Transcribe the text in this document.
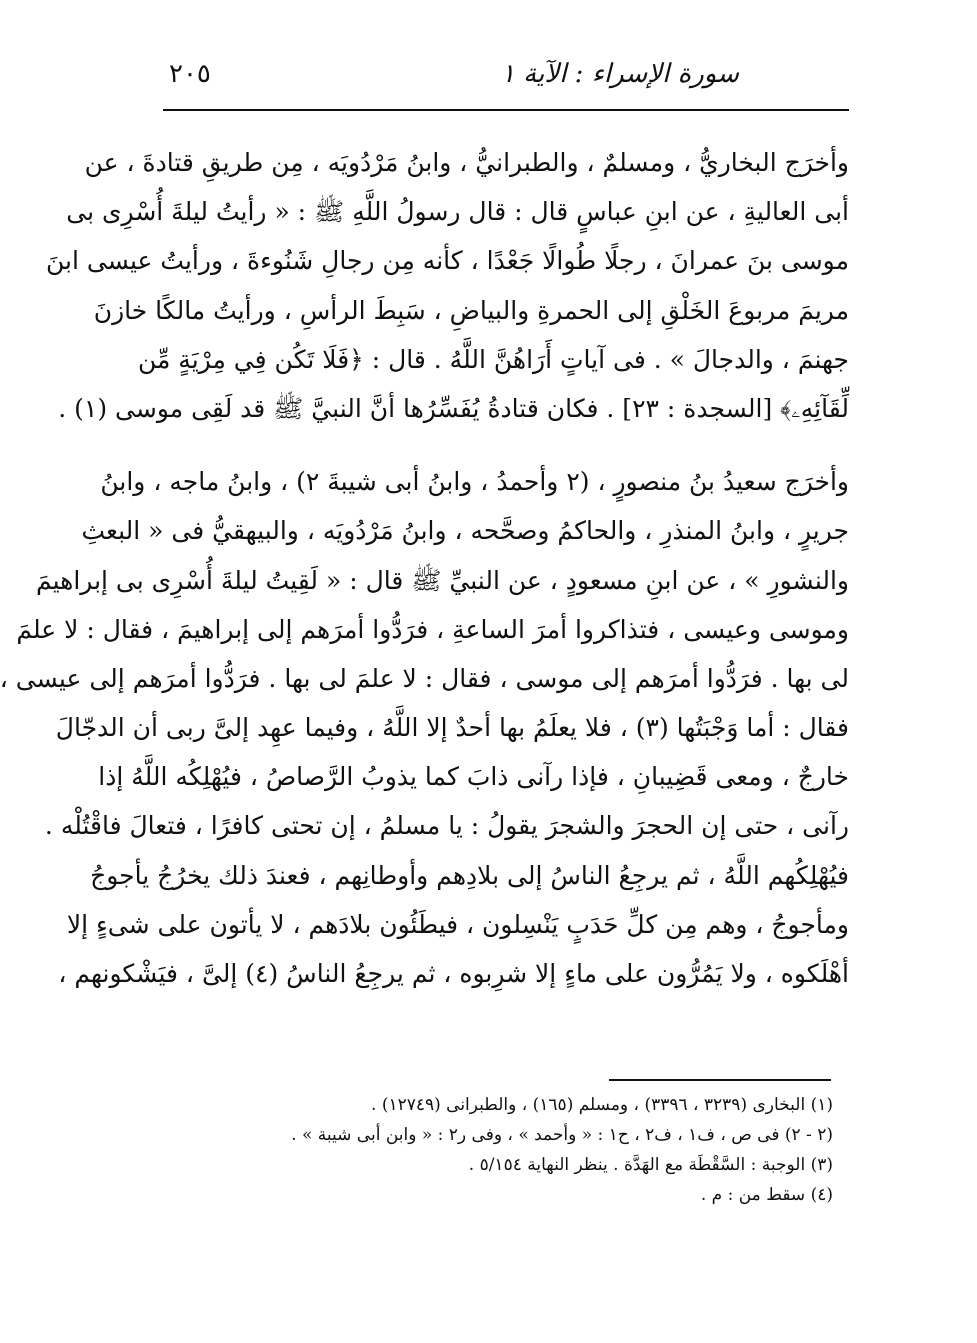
سورة الإسراء : الآية ١
٢٠٥
وأخرَج البخاريُّ ، ومسلمٌ ، والطبرانيُّ ، وابنُ مَرْدُويَه ، مِن طريقِ قتادةَ ، عن
أبى العاليةِ ، عن ابنِ عباسٍ قال : قال رسولُ اللَّهِ ﷺ : « رأيتُ ليلةَ أُسْرِى بى
موسى بنَ عمرانَ ، رجلًا طُوالًا جَعْدًا ، كأنه مِن رجالِ شَنُوءةَ ، ورأيتُ عيسى ابنَ
مريمَ مربوعَ الخَلْقِ إلى الحمرةِ والبياضِ ، سَبِطَ الرأسِ ، ورأيتُ مالكًا خازنَ
جهنمَ ، والدجالَ » . فى آياتٍ أَرَاهُنَّ اللَّهُ . قال : ﴿فَلَا تَكُن فِي مِرْيَةٍ مِّن
لِّقَآئِهِۦ﴾ [السجدة : ٢٣] . فكان قتادةُ يُفَسِّرُها أنَّ النبيَّ ﷺ قد لَقِى موسى (١) .
وأخرَج سعيدُ بنُ منصورٍ ، (٢ وأحمدُ ، وابنُ أبى شيبةَ ٢) ، وابنُ ماجه ، وابنُ
جريرٍ ، وابنُ المنذرِ ، والحاكمُ وصحَّحه ، وابنُ مَرْدُويَه ، والبيهقيُّ فى « البعثِ
والنشورِ » ، عن ابنِ مسعودٍ ، عن النبيِّ ﷺ قال : « لَقِيتُ ليلةَ أُسْرِى بى إبراهيمَ
وموسى وعيسى ، فتذاكروا أمرَ الساعةِ ، فرَدُّوا أمرَهم إلى إبراهيمَ ، فقال : لا علمَ
لى بها . فرَدُّوا أمرَهم إلى موسى ، فقال : لا علمَ لى بها . فرَدُّوا أمرَهم إلى عيسى ،
فقال : أما وَجْبَتُها (٣) ، فلا يعلَمُ بها أحدٌ إلا اللَّهُ ، وفيما عهِد إلىَّ ربى أن الدجّالَ
خارجٌ ، ومعى قَضِيبانِ ، فإذا رآنى ذابَ كما يذوبُ الرَّصاصُ ، فيُهْلِكُه اللَّهُ إذا
رآنى ، حتى إن الحجرَ والشجرَ يقولُ : يا مسلمُ ، إن تحتى كافرًا ، فتعالَ فاقْتُلْه .
فيُهْلِكُهم اللَّهُ ، ثم يرجِعُ الناسُ إلى بلادِهم وأوطانِهم ، فعندَ ذلك يخرُجُ يأجوجُ
ومأجوجُ ، وهم مِن كلِّ حَدَبٍ يَنْسِلون ، فيطَئُون بلادَهم ، لا يأتون على شىءٍ إلا
أهْلَكوه ، ولا يَمُرُّون على ماءٍ إلا شرِبوه ، ثم يرجِعُ الناسُ (٤) إلىَّ ، فيَشْكونهم ،
(١) البخارى (٣٢٣٩ ، ٣٣٩٦) ، ومسلم (١٦٥) ، والطبرانى (١٢٧٤٩) .
(٢ - ٢) فى ص ، ف١ ، ف٢ ، ح١ : « وأحمد » ، وفى ر٢ : « وابن أبى شيبة » .
(٣) الوجبة : السَّقْطَة مع الهَدَّة . ينظر النهاية ٥/١٥٤ .
(٤) سقط من : م .
